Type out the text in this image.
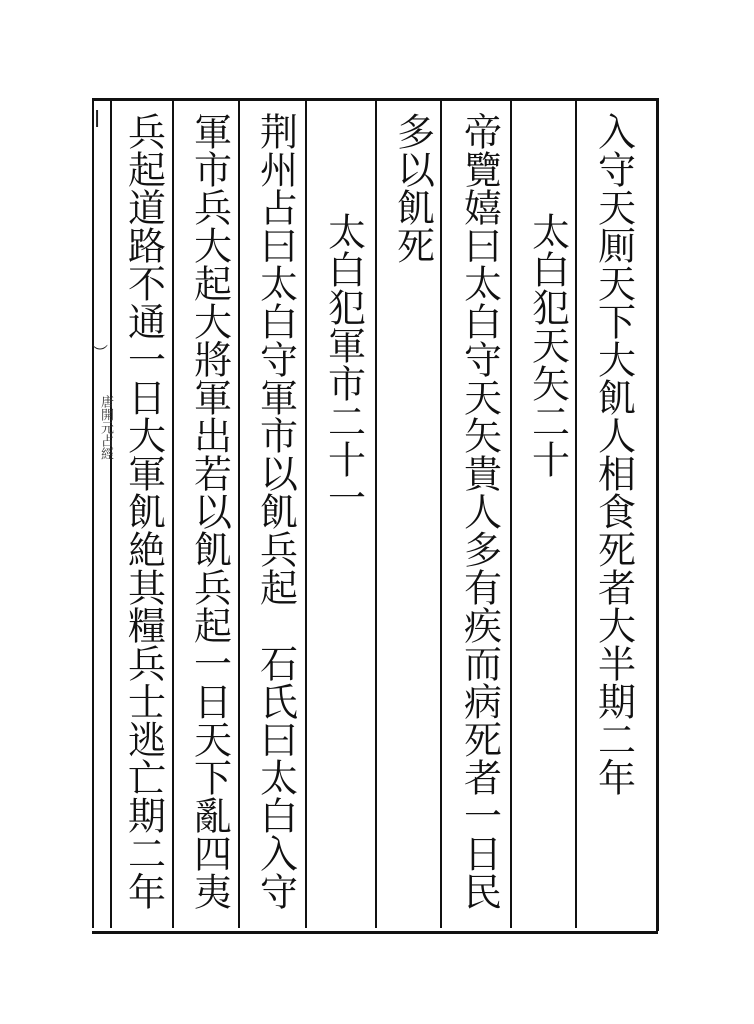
ⅼ
︶
唐開元占經	入守天厠天下大飢人相食死者大半期二年
太白犯天矢二十
帝覽嬉曰太白守天矢貴人多有疾而病死者一日民
多以飢死
太白犯軍市二十一
荆州占曰太白守軍市以飢兵起　石氏曰太白入守
軍市兵大起大將軍出若以飢兵起一日天下亂四夷
兵起道路不通一日大軍飢絶其糧兵士逃亡期二年
